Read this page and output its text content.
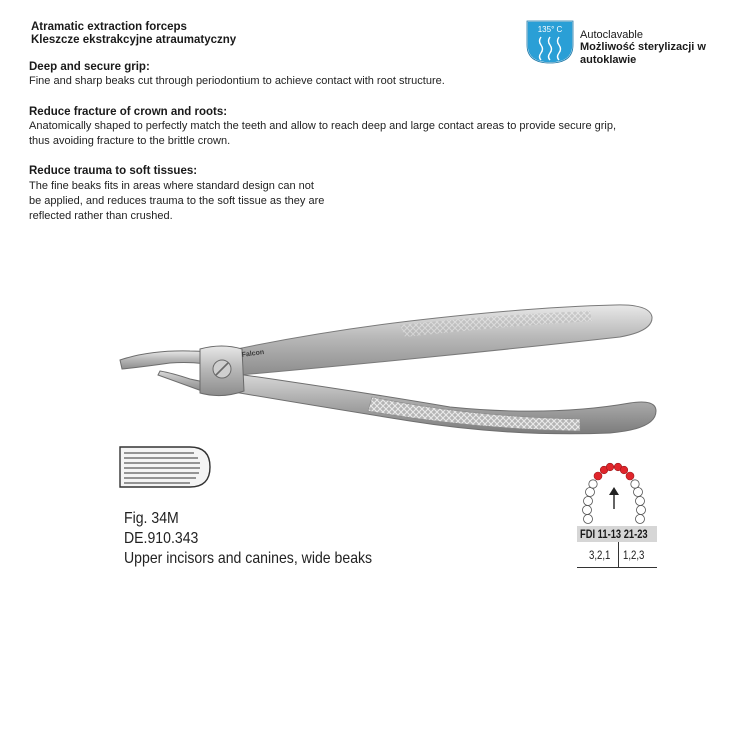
Atramatic extraction forceps
Kleszcze ekstrakcyjne atraumatyczny
135° C Autoclavable
Możliwość sterylizacji w autoklawie
Deep and secure grip:
Fine and sharp beaks cut through periodontium to achieve contact with root structure.
Reduce fracture of crown and roots:
Anatomically shaped to perfectly match the teeth and allow to reach deep and large contact areas to provide secure grip, thus avoiding fracture to the brittle crown.
Reduce trauma to soft tissues:
The fine beaks fits in areas where standard design can not be applied, and reduces trauma to the soft tissue as they are reflected rather than crushed.
Falcon
Fig. 34M
DE.910.343
Upper incisors and canines, wide beaks
FDI 11-13 21-23
3,2,1 1,2,3
